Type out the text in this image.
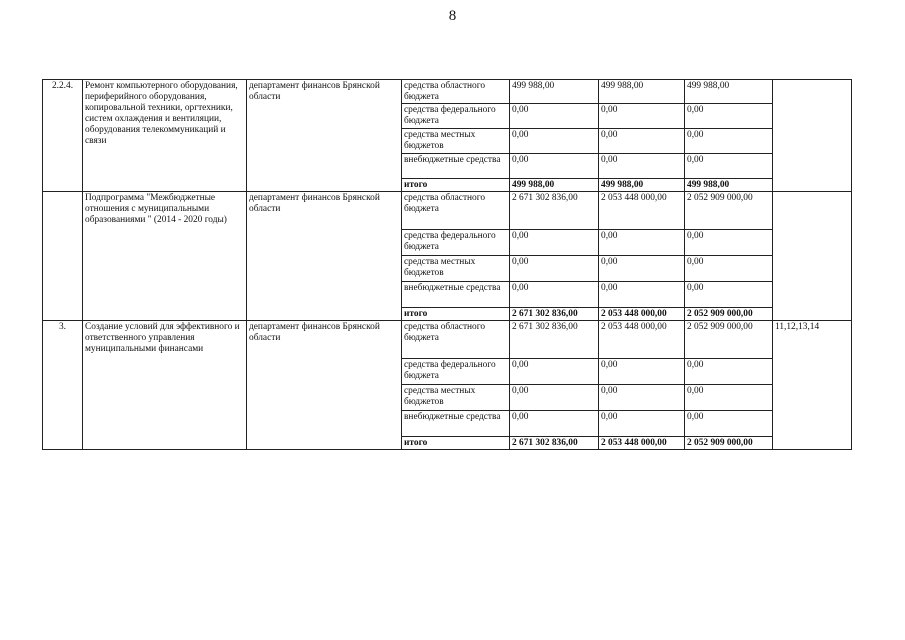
8
2.2.4.	Ремонт компьютерного оборудования, периферийного оборудования, копировальной техники, оргтехники, систем охлаждения и вентиляции, оборудования телекоммуникаций и связи	департамент финансов Брянской области	средства областного бюджета	499 988,00	499 988,00	499 988,00	
			средства федерального бюджета	0,00	0,00	0,00	
			средства местных бюджетов	0,00	0,00	0,00	
			внебюджетные средства	0,00	0,00	0,00	
			итого	499 988,00	499 988,00	499 988,00	
	Подпрограмма "Межбюджетные отношения с муниципальными образованиями " (2014 - 2020 годы)	департамент финансов Брянской области	средства областного бюджета	2 671 302 836,00	2 053 448 000,00	2 052 909 000,00	
			средства федерального бюджета	0,00	0,00	0,00	
			средства местных бюджетов	0,00	0,00	0,00	
			внебюджетные средства	0,00	0,00	0,00	
			итого	2 671 302 836,00	2 053 448 000,00	2 052 909 000,00	
3.	Создание условий для эффективного и ответственного управления муниципальными финансами	департамент финансов Брянской области	средства областного бюджета	2 671 302 836,00	2 053 448 000,00	2 052 909 000,00	11,12,13,14
			средства федерального бюджета	0,00	0,00	0,00	
			средства местных бюджетов	0,00	0,00	0,00	
			внебюджетные средства	0,00	0,00	0,00	
			итого	2 671 302 836,00	2 053 448 000,00	2 052 909 000,00	
